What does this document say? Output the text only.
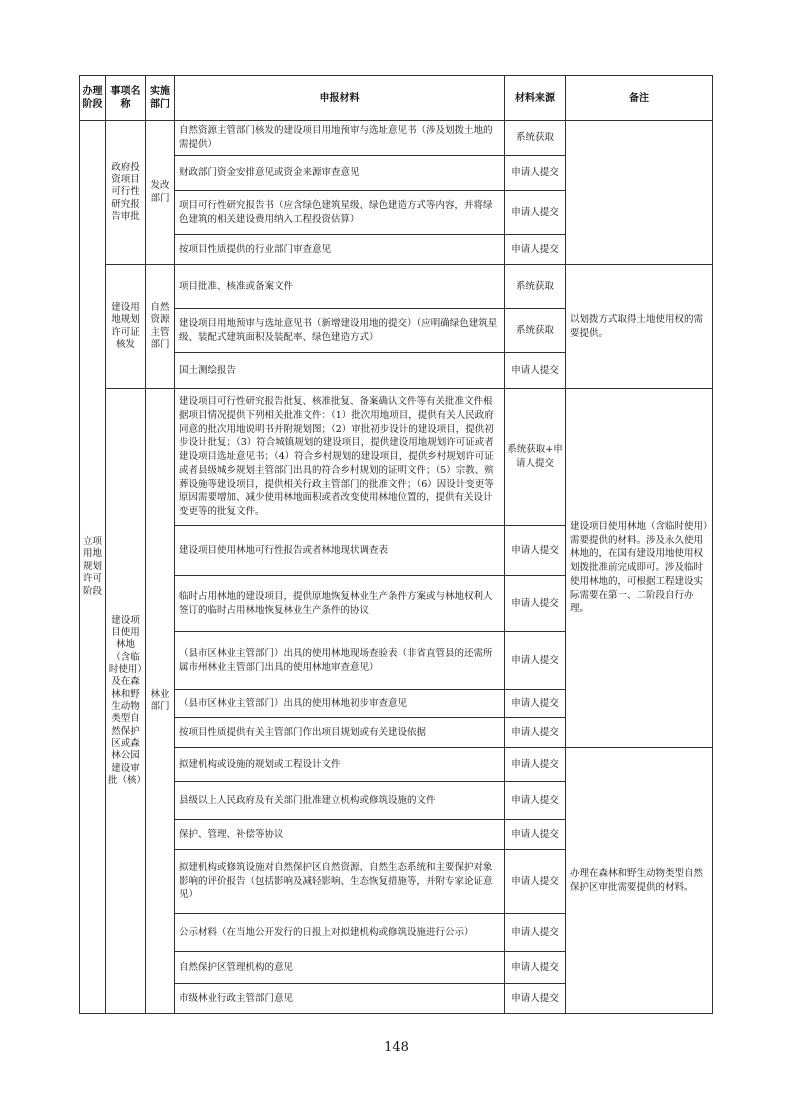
办理阶段	事项名称	实施部门	申报材料	材料来源	备注
立项用地规划许可阶段	政府投资项目可行性研究报告审批	发改部门	自然资源主管部门核发的建设项目用地预审与选址意见书（涉及划拨土地的需提供）	系统获取	
			财政部门资金安排意见或资金来源审查意见	申请人提交	
			项目可行性研究报告书（应含绿色建筑星级、绿色建造方式等内容，并将绿色建筑的相关建设费用纳入工程投资估算）	申请人提交	
			按项目性质提供的行业部门审查意见	申请人提交	
	建设用地规划许可证核发	自然资源主管部门	项目批准、核准或备案文件	系统获取	以划拨方式取得土地使用权的需要提供。
			建设项目用地预审与选址意见书（新增建设用地的提交）（应明确绿色建筑星级、装配式建筑面积及装配率、绿色建造方式）	系统获取	
			国土测绘报告	申请人提交	
	建设项目使用林地（含临时使用）及在森林和野生动物类型自然保护区或森林公园建设审批（核）	林业部门	建设项目可行性研究报告批复、核准批复、备案确认文件等有关批准文件根据项目情况提供下列相关批准文件：（1）批次用地项目，提供有关人民政府同意的批次用地说明书并附规划图；（2）审批初步设计的建设项目，提供初步设计批复；（3）符合城镇规划的建设项目，提供建设用地规划许可证或者建设项目选址意见书；（4）符合乡村规划的建设项目，提供乡村规划许可证或者县级城乡规划主管部门出具的符合乡村规划的证明文件；（5）宗教、殡葬设施等建设项目，提供相关行政主管部门的批准文件；（6）因设计变更等原因需要增加、减少使用林地面积或者改变使用林地位置的，提供有关设计变更等的批复文件。	系统获取+申请人提交	建设项目使用林地（含临时使用）需要提供的材料。涉及永久使用林地的，在国有建设用地使用权划拨批准前完成即可。涉及临时使用林地的，可根据工程建设实际需要在第一、二阶段自行办理。
			建设项目使用林地可行性报告或者林地现状调查表	申请人提交	
			临时占用林地的建设项目，提供原地恢复林业生产条件方案或与林地权利人签订的临时占用林地恢复林业生产条件的协议	申请人提交	
			（县市区林业主管部门）出具的使用林地现场查验表（非省直管县的还需所属市州林业主管部门出具的使用林地审查意见）	申请人提交	
			（县市区林业主管部门）出具的使用林地初步审查意见	申请人提交	
			按项目性质提供有关主管部门作出项目规划或有关建设依据	申请人提交	
			拟建机构或设施的规划或工程设计文件	申请人提交	办理在森林和野生动物类型自然保护区审批需要提供的材料。
			县级以上人民政府及有关部门批准建立机构或修筑设施的文件	申请人提交	
			保护、管理、补偿等协议	申请人提交	
			拟建机构或修筑设施对自然保护区自然资源、自然生态系统和主要保护对象影响的评价报告（包括影响及减轻影响、生态恢复措施等，并附专家论证意见）	申请人提交	
			公示材料（在当地公开发行的日报上对拟建机构或修筑设施进行公示）	申请人提交	
			自然保护区管理机构的意见	申请人提交	
			市级林业行政主管部门意见	申请人提交	
148
